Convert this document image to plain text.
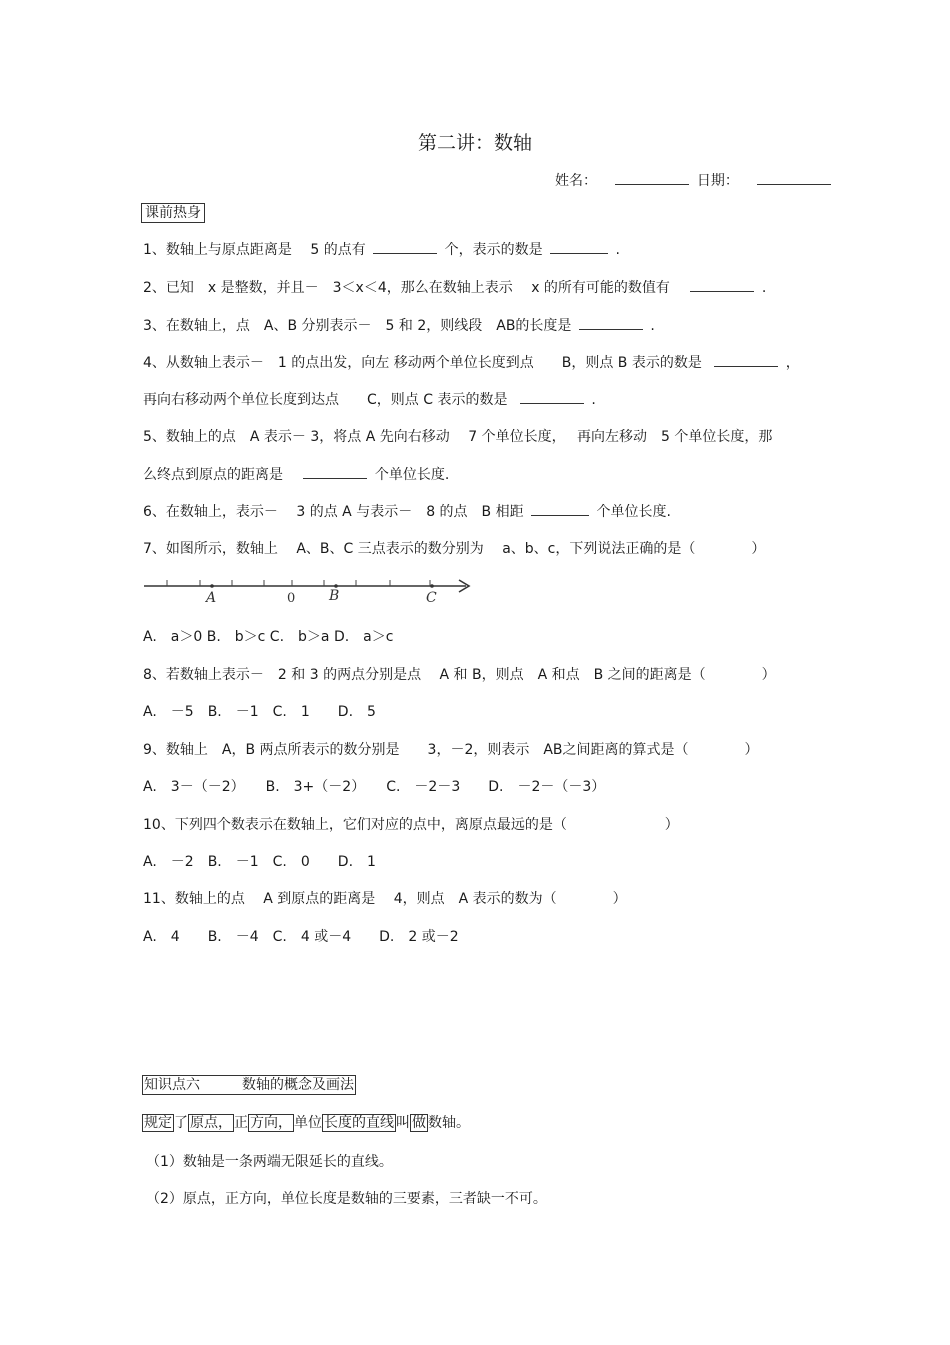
第二讲：数轴
姓名：	日期：
课前热身
1、数轴上与原点距离是　 5 的点有	个，表示的数是	.
2、已知　x 是整数，并且－　3＜x＜4，那么在数轴上表示　 x 的所有可能的数值有	.
3、在数轴上，点　A、B 分别表示－　5 和 2，则线段　AB的长度是	.
4、从数轴上表示－　1 的点出发，向左 移动两个单位长度到点　　B，则点 B 表示的数是	，
再向右移动两个单位长度到达点　　C，则点 C 表示的数是	.
5、数轴上的点　A 表示－ 3，将点 A 先向右移动　 7 个单位长度，　 再向左移动　5 个单位长度，那
么终点到原点的距离是	个单位长度.
6、在数轴上，表示－　 3 的点 A 与表示－　8 的点　B 相距	个单位长度.
7、如图所示，数轴上　 A、B、C 三点表示的数分别为　 a、b、c，下列说法正确的是（　　　　）
A	0 B	C
A.　a＞0 B.　b＞c C.　b＞a D.　a＞c
8、若数轴上表示－　2 和 3 的两点分别是点　 A 和 B，则点　A 和点　B 之间的距离是（　　　　）
A.　－5　B.　－1　C.　1　　D.　5
9、数轴上　A，B 两点所表示的数分别是　　3，－2，则表示　AB之间距离的算式是（　　　　）
A.　3－（－2）　　B.　3+（－2）　　C.　－2－3　　D.　－2－（－3）
10、下列四个数表示在数轴上，它们对应的点中，离原点最远的是（　　　　　　　）
A.　－2　B.　－1　C.　0　　D.　1
11、数轴上的点　 A 到原点的距离是　 4，则点　A 表示的数为（　　　　）
A.　4　　B.　－4　C.　4 或－4　　D.　2 或－2
知识点六　　　数轴的概念及画法
规定 了 原点， 正 方向， 单位 长度的直线 叫 做 数轴。
（1）数轴是一条两端无限延长的直线。
（2）原点，正方向，单位长度是数轴的三要素，三者缺一不可。
